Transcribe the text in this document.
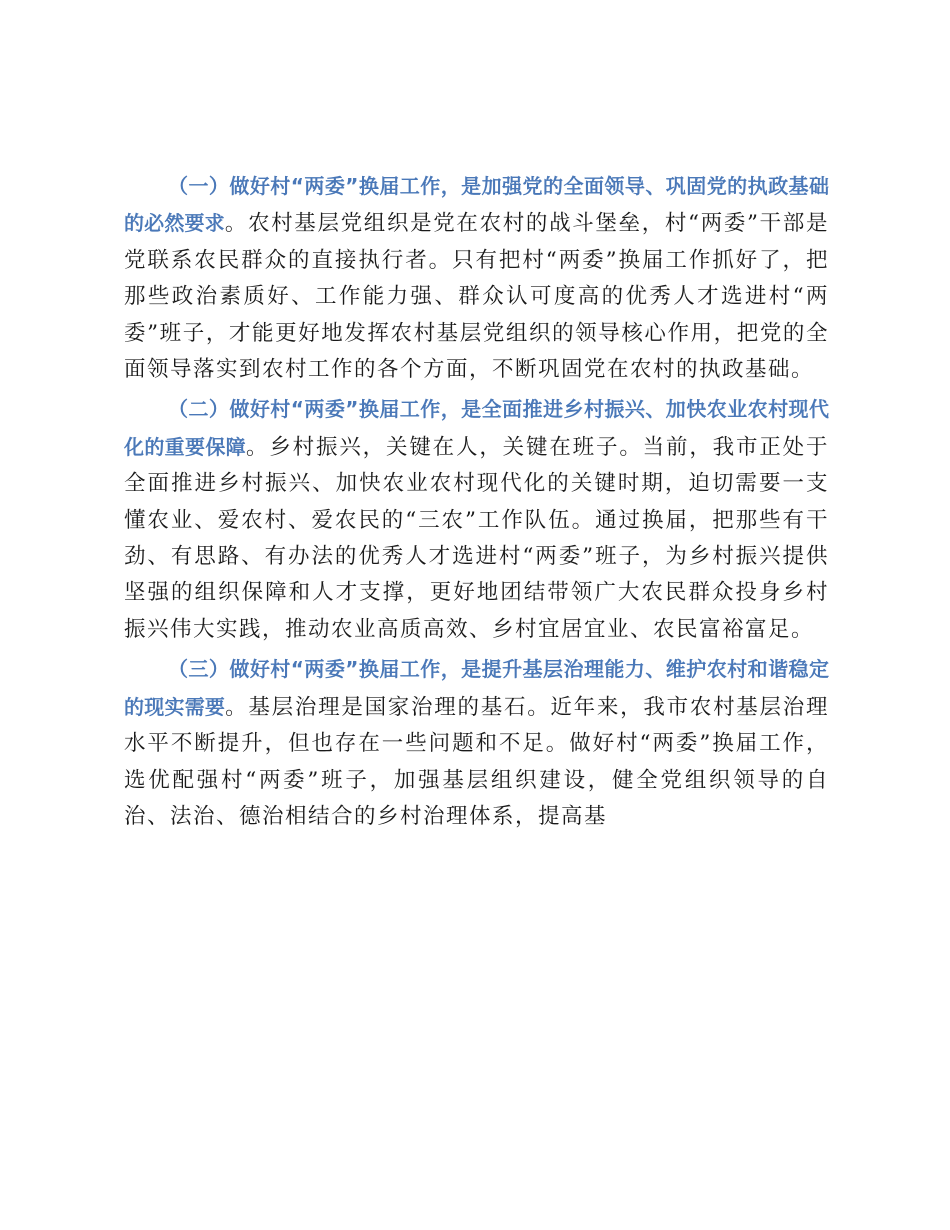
（一）做好村“两委”换届工作，是加强党的全面领导、巩固党的执政基础的必然要求。农村基层党组织是党在农村的战斗堡垒，村“两委”干部是党联系农民群众的直接执行者。只有把村“两委”换届工作抓好了，把那些政治素质好、工作能力强、群众认可度高的优秀人才选进村“两委”班子，才能更好地发挥农村基层党组织的领导核心作用，把党的全面领导落实到农村工作的各个方面，不断巩固党在农村的执政基础。

（二）做好村“两委”换届工作，是全面推进乡村振兴、加快农业农村现代化的重要保障。乡村振兴，关键在人，关键在班子。当前，我市正处于全面推进乡村振兴、加快农业农村现代化的关键时期，迫切需要一支懂农业、爱农村、爱农民的“三农”工作队伍。通过换届，把那些有干劲、有思路、有办法的优秀人才选进村“两委”班子，为乡村振兴提供坚强的组织保障和人才支撑，更好地团结带领广大农民群众投身乡村振兴伟大实践，推动农业高质高效、乡村宜居宜业、农民富裕富足。

（三）做好村“两委”换届工作，是提升基层治理能力、维护农村和谐稳定的现实需要。基层治理是国家治理的基石。近年来，我市农村基层治理水平不断提升，但也存在一些问题和不足。做好村“两委”换届工作，选优配强村“两委”班子，加强基层组织建设，健全党组织领导的自治、法治、德治相结合的乡村治理体系，提高基
